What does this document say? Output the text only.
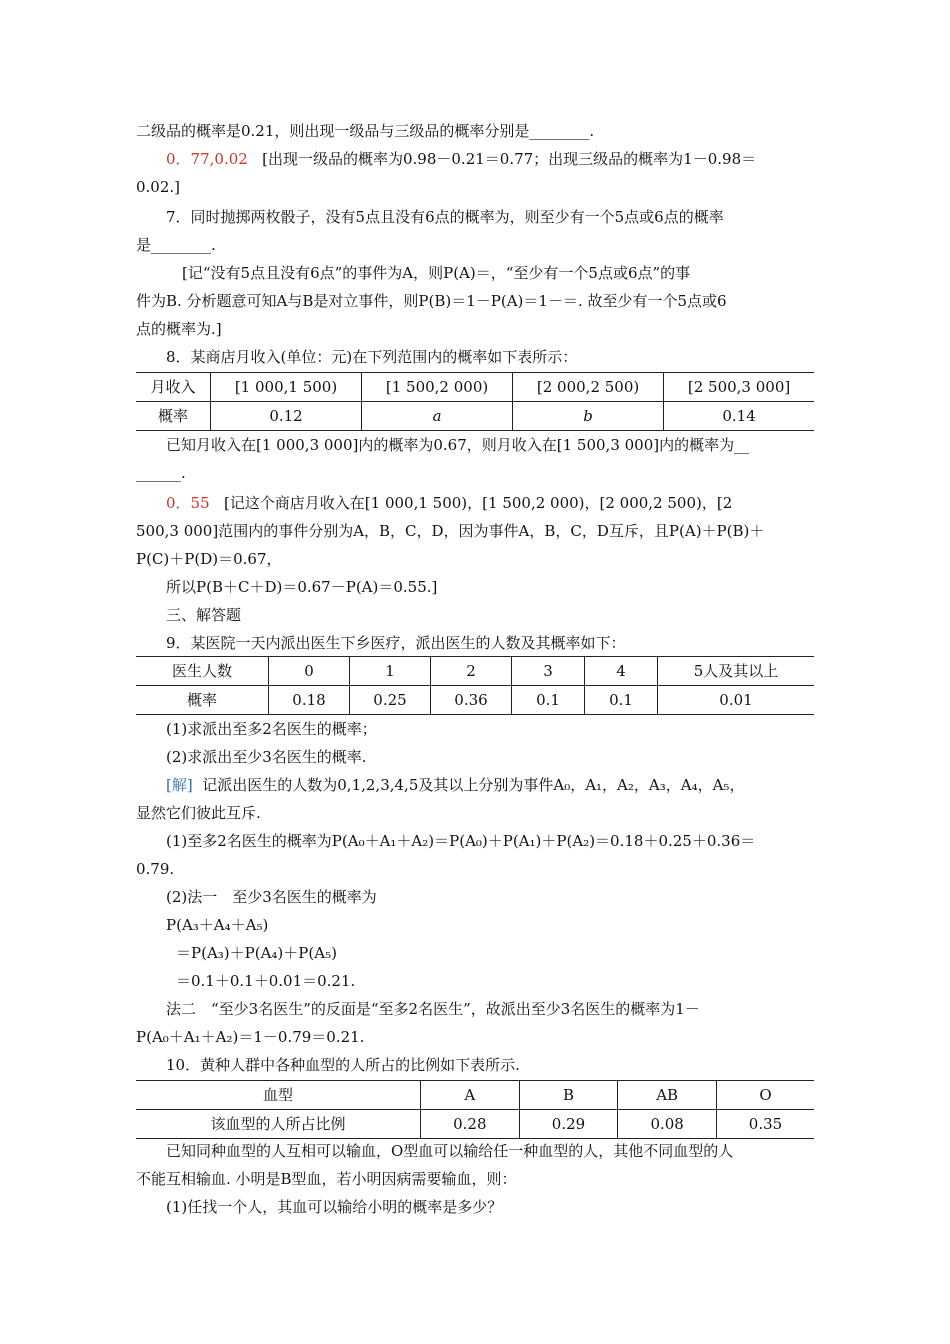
二级品的概率是0.21，则出现一级品与三级品的概率分别是________.
0．77,0.02 [出现一级品的概率为0.98－0.21＝0.77；出现三级品的概率为1－0.98＝
0.02.]
7．同时抛掷两枚骰子，没有5点且没有6点的概率为，则至少有一个5点或6点的概率
是________.
[记“没有5点且没有6点”的事件为A，则P(A)＝，“至少有一个5点或6点”的事
件为B. 分析题意可知A与B是对立事件，则P(B)＝1－P(A)＝1－＝. 故至少有一个5点或6
点的概率为.]
8．某商店月收入(单位：元)在下列范围内的概率如下表所示：
月收入	[1 000,1 500)	[1 500,2 000)	[2 000,2 500)	[2 500,3 000]
概率	0.12	a	b	0.14
已知月收入在[1 000,3 000]内的概率为0.67，则月收入在[1 500,3 000]内的概率为__
______.
0．55 [记这个商店月收入在[1 000,1 500)，[1 500,2 000)，[2 000,2 500)，[2
500,3 000]范围内的事件分别为A，B，C，D，因为事件A，B，C，D互斥，且P(A)＋P(B)＋
P(C)＋P(D)＝0.67，
所以P(B＋C＋D)＝0.67－P(A)＝0.55.]
三、解答题
9．某医院一天内派出医生下乡医疗，派出医生的人数及其概率如下：
医生人数	0	1	2	3	4	5人及其以上
概率	0.18	0.25	0.36	0.1	0.1	0.01
(1)求派出至多2名医生的概率；
(2)求派出至少3名医生的概率.
[解] 记派出医生的人数为0,1,2,3,4,5及其以上分别为事件A₀，A₁，A₂，A₃，A₄，A₅，
显然它们彼此互斥.
(1)至多2名医生的概率为P(A₀＋A₁＋A₂)＝P(A₀)＋P(A₁)＋P(A₂)＝0.18＋0.25＋0.36＝
0.79.
(2)法一　至少3名医生的概率为
P(A₃＋A₄＋A₅)
＝P(A₃)＋P(A₄)＋P(A₅)
＝0.1＋0.1＋0.01＝0.21.
法二　“至少3名医生”的反面是“至多2名医生”，故派出至少3名医生的概率为1－
P(A₀＋A₁＋A₂)＝1－0.79＝0.21.
10．黄种人群中各种血型的人所占的比例如下表所示.
血型	A	B	AB	O
该血型的人所占比例	0.28	0.29	0.08	0.35
已知同种血型的人互相可以输血，O型血可以输给任一种血型的人，其他不同血型的人
不能互相输血. 小明是B型血，若小明因病需要输血，则：
(1)任找一个人，其血可以输给小明的概率是多少？
